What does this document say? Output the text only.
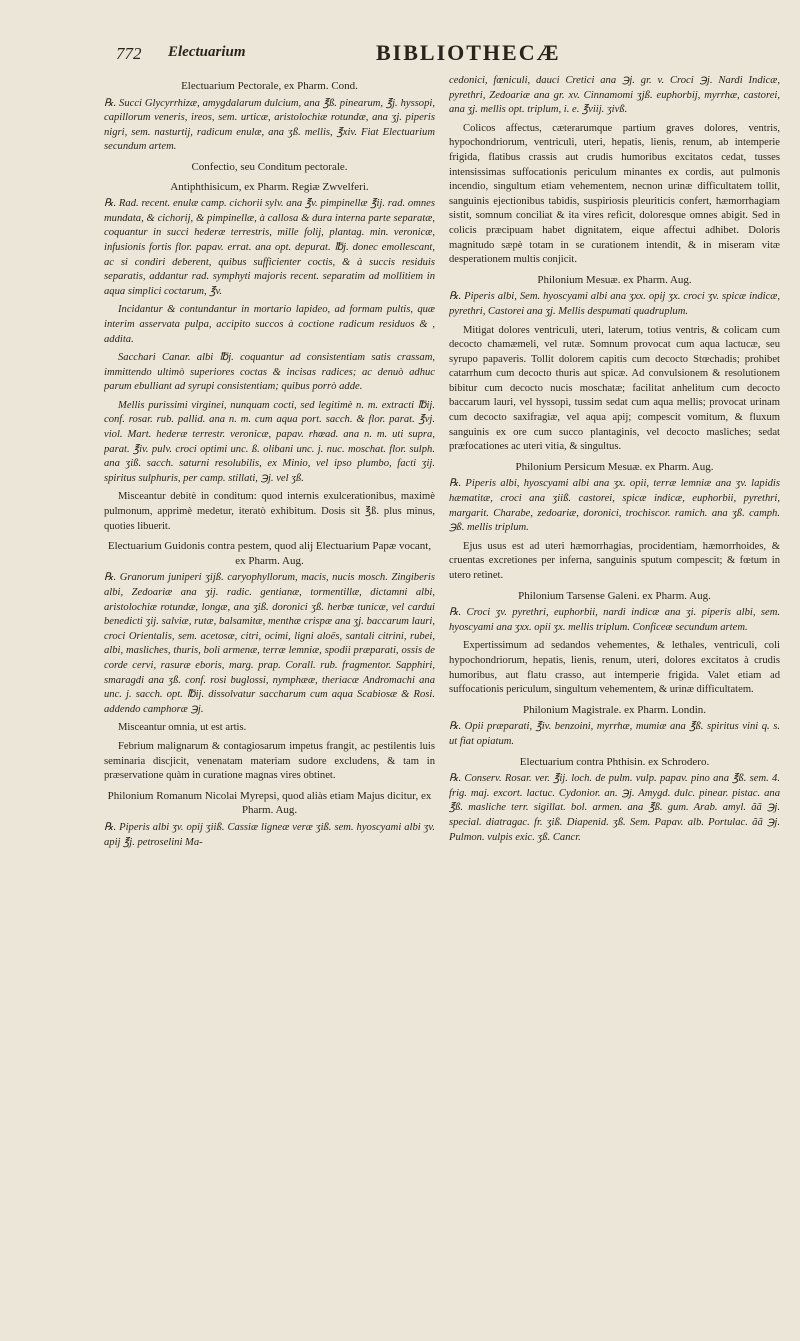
772 Electuarium	BIBLIOTHECÆ

Electuarium Pectorale, ex Pharm. Cond.

℞. Succi Glycyrrhizæ, amygdalarum dulcium, ana ℥ß. pinearum, ℥j. hyssopi, capillorum veneris, ireos, sem. urticæ, aristolochiæ rotundæ, ana ʒj. piperis nigri, sem. nasturtij, radicum enulæ, ana ʒß. mellis, ℥xiv. Fiat Electuarium secundum artem.

Confectio, seu Conditum pectorale.

Antiphthisicum, ex Pharm. Regiæ Zwvelferi.

℞. Rad. recent. enulæ camp. cichorii sylv. ana ℥v. pimpinellæ ℥ij. rad. omnes mundata, & cichorij, & pimpinellæ, à callosa & dura interna parte separatæ, coquantur in succi hederæ terrestris, mille folij, plantag. min. veronicæ, infusionis fortis flor. papav. errat. ana opt. depurat. ℔j. donec emollescant, ac si condiri deberent, quibus sufficienter coctis, & à succis residuis separatis, addantur rad. symphyti majoris recent. separatim ad mollitiem in aqua simplici coctarum, ℥v.

Incidantur & contundantur in mortario lapideo, ad formam pultis, quæ interim asservata pulpa, accipito succos à coctione radicum residuos & , addita.

Sacchari Canar. albi ℔j. coquantur ad consistentiam satis crassam, immittendo ultimò superiores coctas & incisas radices; ac denuò adhuc parum ebulliant ad syrupi consistentiam; quibus porrò adde.

Mellis purissimi virginei, nunquam cocti, sed legitimè n. m. extracti ℔ij. conf. rosar. rub. pallid. ana n. m. cum aqua port. sacch. & flor. parat. ℥vj. viol. Mart. hederæ terrestr. veronicæ, papav. rhœad. ana n. m. uti supra, parat. ℥iv. pulv. croci optimi unc. ß. olibani unc. j. nuc. moschat. flor. sulph. ana ʒiß. sacch. saturni resolubilis, ex Minio, vel ipso plumbo, facti ʒij. spiritus sulphuris, per camp. stillati, ℈j. vel ʒß.

Misceantur debitè in conditum: quod internis exulcerationibus, maximè pulmonum, apprimè medetur, iteratò exhibitum. Dosis sit ℥ß. plus minus, quoties libuerit.

Electuarium Guidonis contra pestem, quod alij Electuarium Papæ vocant, ex Pharm. Aug.

℞. Granorum juniperi ʒijß. caryophyllorum, macis, nucis mosch. Zingiberis albi, Zedoariæ ana ʒij. radic. gentianæ, tormentillæ, dictamni albi, aristolochiæ rotundæ, longæ, ana ʒiß. doronici ʒß. herbæ tunicæ, vel cardui benedicti ʒij. salviæ, rutæ, balsamitæ, menthæ crispæ ana ʒj. baccarum lauri, croci Orientalis, sem. acetosæ, citri, ocimi, ligni aloës, santali citrini, rubei, albi, masliches, thuris, boli armenæ, terræ lemniæ, spodii præparati, ossis de corde cervi, rasuræ eboris, marg. prap. Corall. rub. fragmentor. Sapphiri, smaragdi ana ʒß. conf. rosi buglossi, nymphææ, theriacæ Andromachi ana unc. j. sacch. opt. ℔ij. dissolvatur saccharum cum aqua Scabiosæ & Rosi. addendo camphoræ ℈j.

Misceantur omnia, ut est artis.

Febrium malignarum & contagiosarum impetus frangit, ac pestilentis luis seminaria discjicit, venenatam materiam sudore excludens, & tam in præservatione quàm in curatione magnas vires obtinet.

Philonium Romanum Nicolai Myrepsi, quod aliàs etiam Majus dicitur, ex Pharm. Aug.

℞. Piperis albi ʒv. opij ʒiiß. Cassiæ ligneæ veræ ʒiß. sem. hyoscyami albi ʒv. apij ℥j. petroselini Ma-

cedonici, fœniculi, dauci Cretici ana ℈j. gr. v. Croci ℈j. Nardi Indicæ, pyrethri, Zedoariæ ana gr. xv. Cinnamomi ʒjß. euphorbij, myrrhæ, castorei, ana ʒj. mellis opt. triplum, i. e. ℥viij. ʒivß.

Colicos affectus, cæterarumque partium graves dolores, ventris, hypochondriorum, ventriculi, uteri, hepatis, lienis, renum, ab intemperie frigida, flatibus crassis aut crudis humoribus excitatos cedat, tusses intensissimas suffocationis periculum minantes ex cordis, aut pulmonis incendio, singultum etiam vehementem, necnon urinæ difficultatem tollit, sanguinis ejectionibus tabidis, suspiriosis pleuriticis confert, hæmorrhagiam sistit, somnum conciliat & ita vires reficit, doloresque omnes abigit. Sed in colicis præcipuam habet dignitatem, eique affectui adhibet. Doloris magnitudo sæpè totam in se curationem intendit, & in miseram vitæ desperationem multis conjicit.

Philonium Mesuæ. ex Pharm. Aug.

℞. Piperis albi, Sem. hyoscyami albi ana ʒxx. opij ʒx. croci ʒv. spicæ indicæ, pyrethri, Castorei ana ʒj. Mellis despumati quadruplum.

Mitigat dolores ventriculi, uteri, laterum, totius ventris, & colicam cum decocto chamæmeli, vel rutæ. Somnum provocat cum aqua lactucæ, seu syrupo papaveris. Tollit dolorem capitis cum decocto Stœchadis; prohibet catarrhum cum decocto thuris aut spicæ. Ad convulsionem & resolutionem bibitur cum decocto nucis moschatæ; facilitat anhelitum cum decocto baccarum lauri, vel hyssopi, tussim sedat cum aqua mellis; provocat urinam cum decocto saxifragiæ, vel aqua apij; compescit vomitum, & fluxum sanguinis ex ore cum succo plantaginis, vel decocto masliches; sedat præfocationes ac uteri vitia, & singultus.

Philonium Persicum Mesuæ. ex Pharm. Aug.

℞. Piperis albi, hyoscyami albi ana ʒx. opii, terræ lemniæ ana ʒv. lapidis hæmatitæ, croci ana ʒiiß. castorei, spicæ indicæ, euphorbii, pyrethri, margarit. Charabe, zedoariæ, doronici, trochiscor. ramich. ana ʒß. camph. ℈ß. mellis triplum.

Ejus usus est ad uteri hæmorrhagias, procidentiam, hæmorrhoides, & cruentas excretiones per inferna, sanguinis sputum compescit; & fœtum in utero retinet.

Philonium Tarsense Galeni. ex Pharm. Aug.

℞. Croci ʒv. pyrethri, euphorbii, nardi indicæ ana ʒi. piperis albi, sem. hyoscyami ana ʒxx. opii ʒx. mellis triplum. Conficeæ secundum artem.

Expertissimum ad sedandos vehementes, & lethales, ventriculi, coli hypochondriorum, hepatis, lienis, renum, uteri, dolores excitatos à crudis humoribus, aut flatu crasso, aut intemperie frigida. Valet etiam ad suffocationis periculum, singultum vehementem, & urinæ difficultatem.

Philonium Magistrale. ex Pharm. Londin.

℞. Opii præparati, ℥iv. benzoini, myrrhæ, mumiæ ana ℥ß. spiritus vini q. s. ut fiat opiatum.

Electuarium contra Phthisin. ex Schrodero.

℞. Conserv. Rosar. ver. ℥ij. loch. de pulm. vulp. papav. pino ana ℥ß. sem. 4. frig. maj. excort. lactuc. Cydonior. an. ℈j. Amygd. dulc. pinear. pistac. ana ℥ß. masliche terr. sigillat. bol. armen. ana ℥ß. gum. Arab. amyl. ãã ℈j. special. diatragac. fr. ʒiß. Diapenid. ʒß. Sem. Papav. alb. Portulac. ãã ℈j. Pulmon. vulpis exic. ʒß. Cancr.
